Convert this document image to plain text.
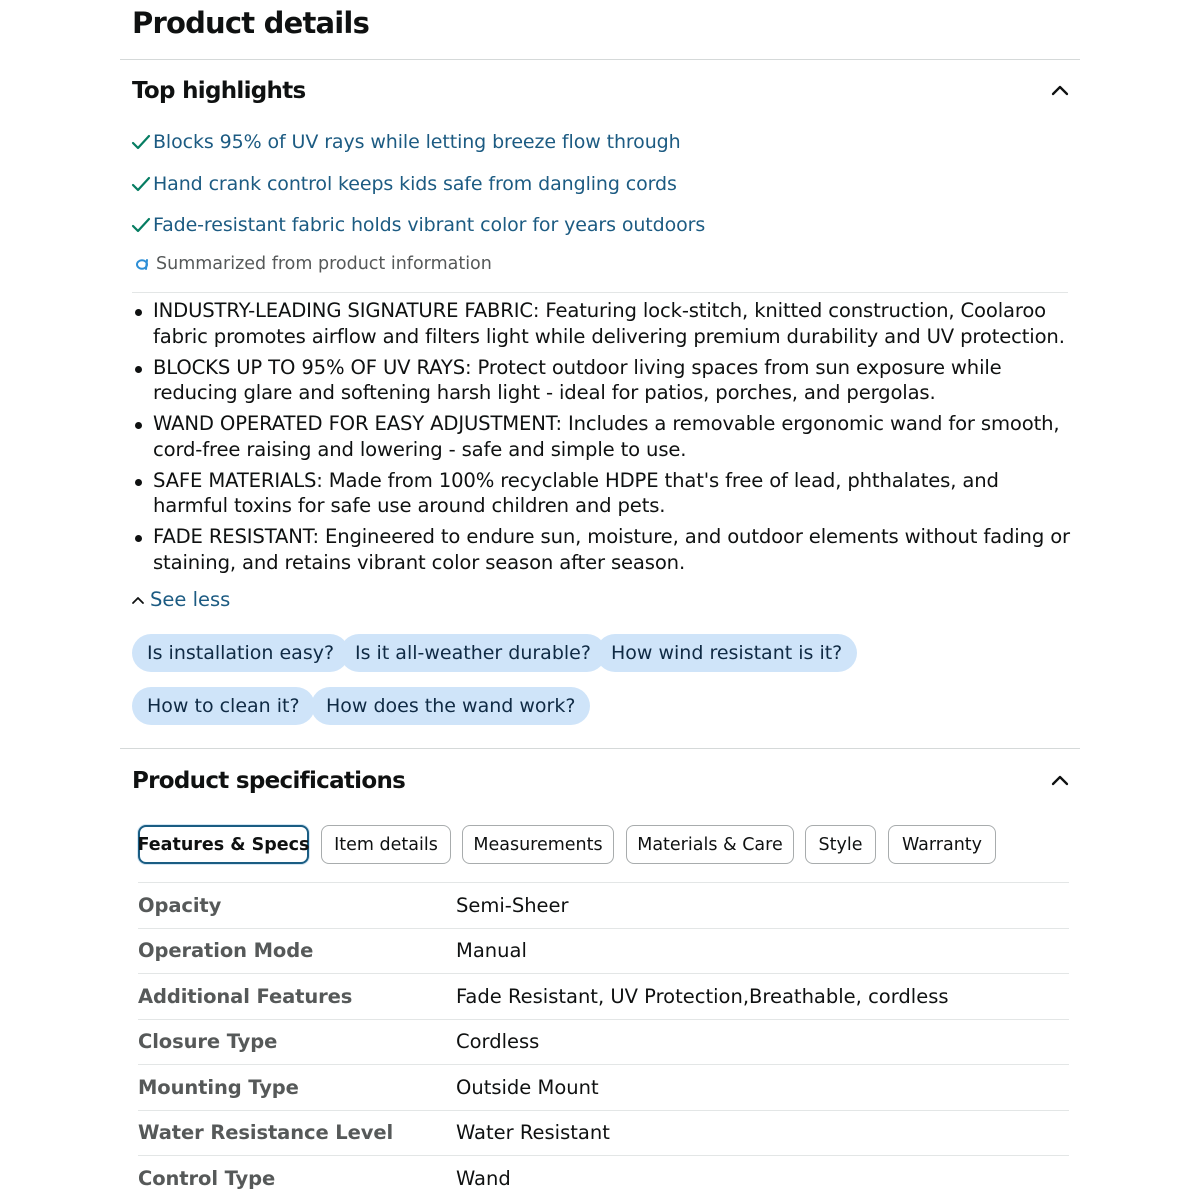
Product details
Top highlights
Blocks 95% of UV rays while letting breeze flow through
Hand crank control keeps kids safe from dangling cords
Fade-resistant fabric holds vibrant color for years outdoors
Summarized from product information
INDUSTRY-LEADING SIGNATURE FABRIC: Featuring lock-stitch, knitted construction, Coolaroo fabric promotes airflow and filters light while delivering premium durability and UV protection.
BLOCKS UP TO 95% OF UV RAYS: Protect outdoor living spaces from sun exposure while reducing glare and softening harsh light - ideal for patios, porches, and pergolas.
WAND OPERATED FOR EASY ADJUSTMENT: Includes a removable ergonomic wand for smooth, cord-free raising and lowering - safe and simple to use.
SAFE MATERIALS: Made from 100% recyclable HDPE that's free of lead, phthalates, and harmful toxins for safe use around children and pets.
FADE RESISTANT: Engineered to endure sun, moisture, and outdoor elements without fading or staining, and retains vibrant color season after season.
See less
Is installation easy?	Is it all-weather durable?	How wind resistant is it?
How to clean it?	How does the wand work?
Product specifications
Features & Specs	Item details	Measurements	Materials & Care	Style	Warranty
Opacity	Semi-Sheer
Operation Mode	Manual
Additional Features	Fade Resistant, UV Protection,Breathable, cordless
Closure Type	Cordless
Mounting Type	Outside Mount
Water Resistance Level	Water Resistant
Control Type	Wand
